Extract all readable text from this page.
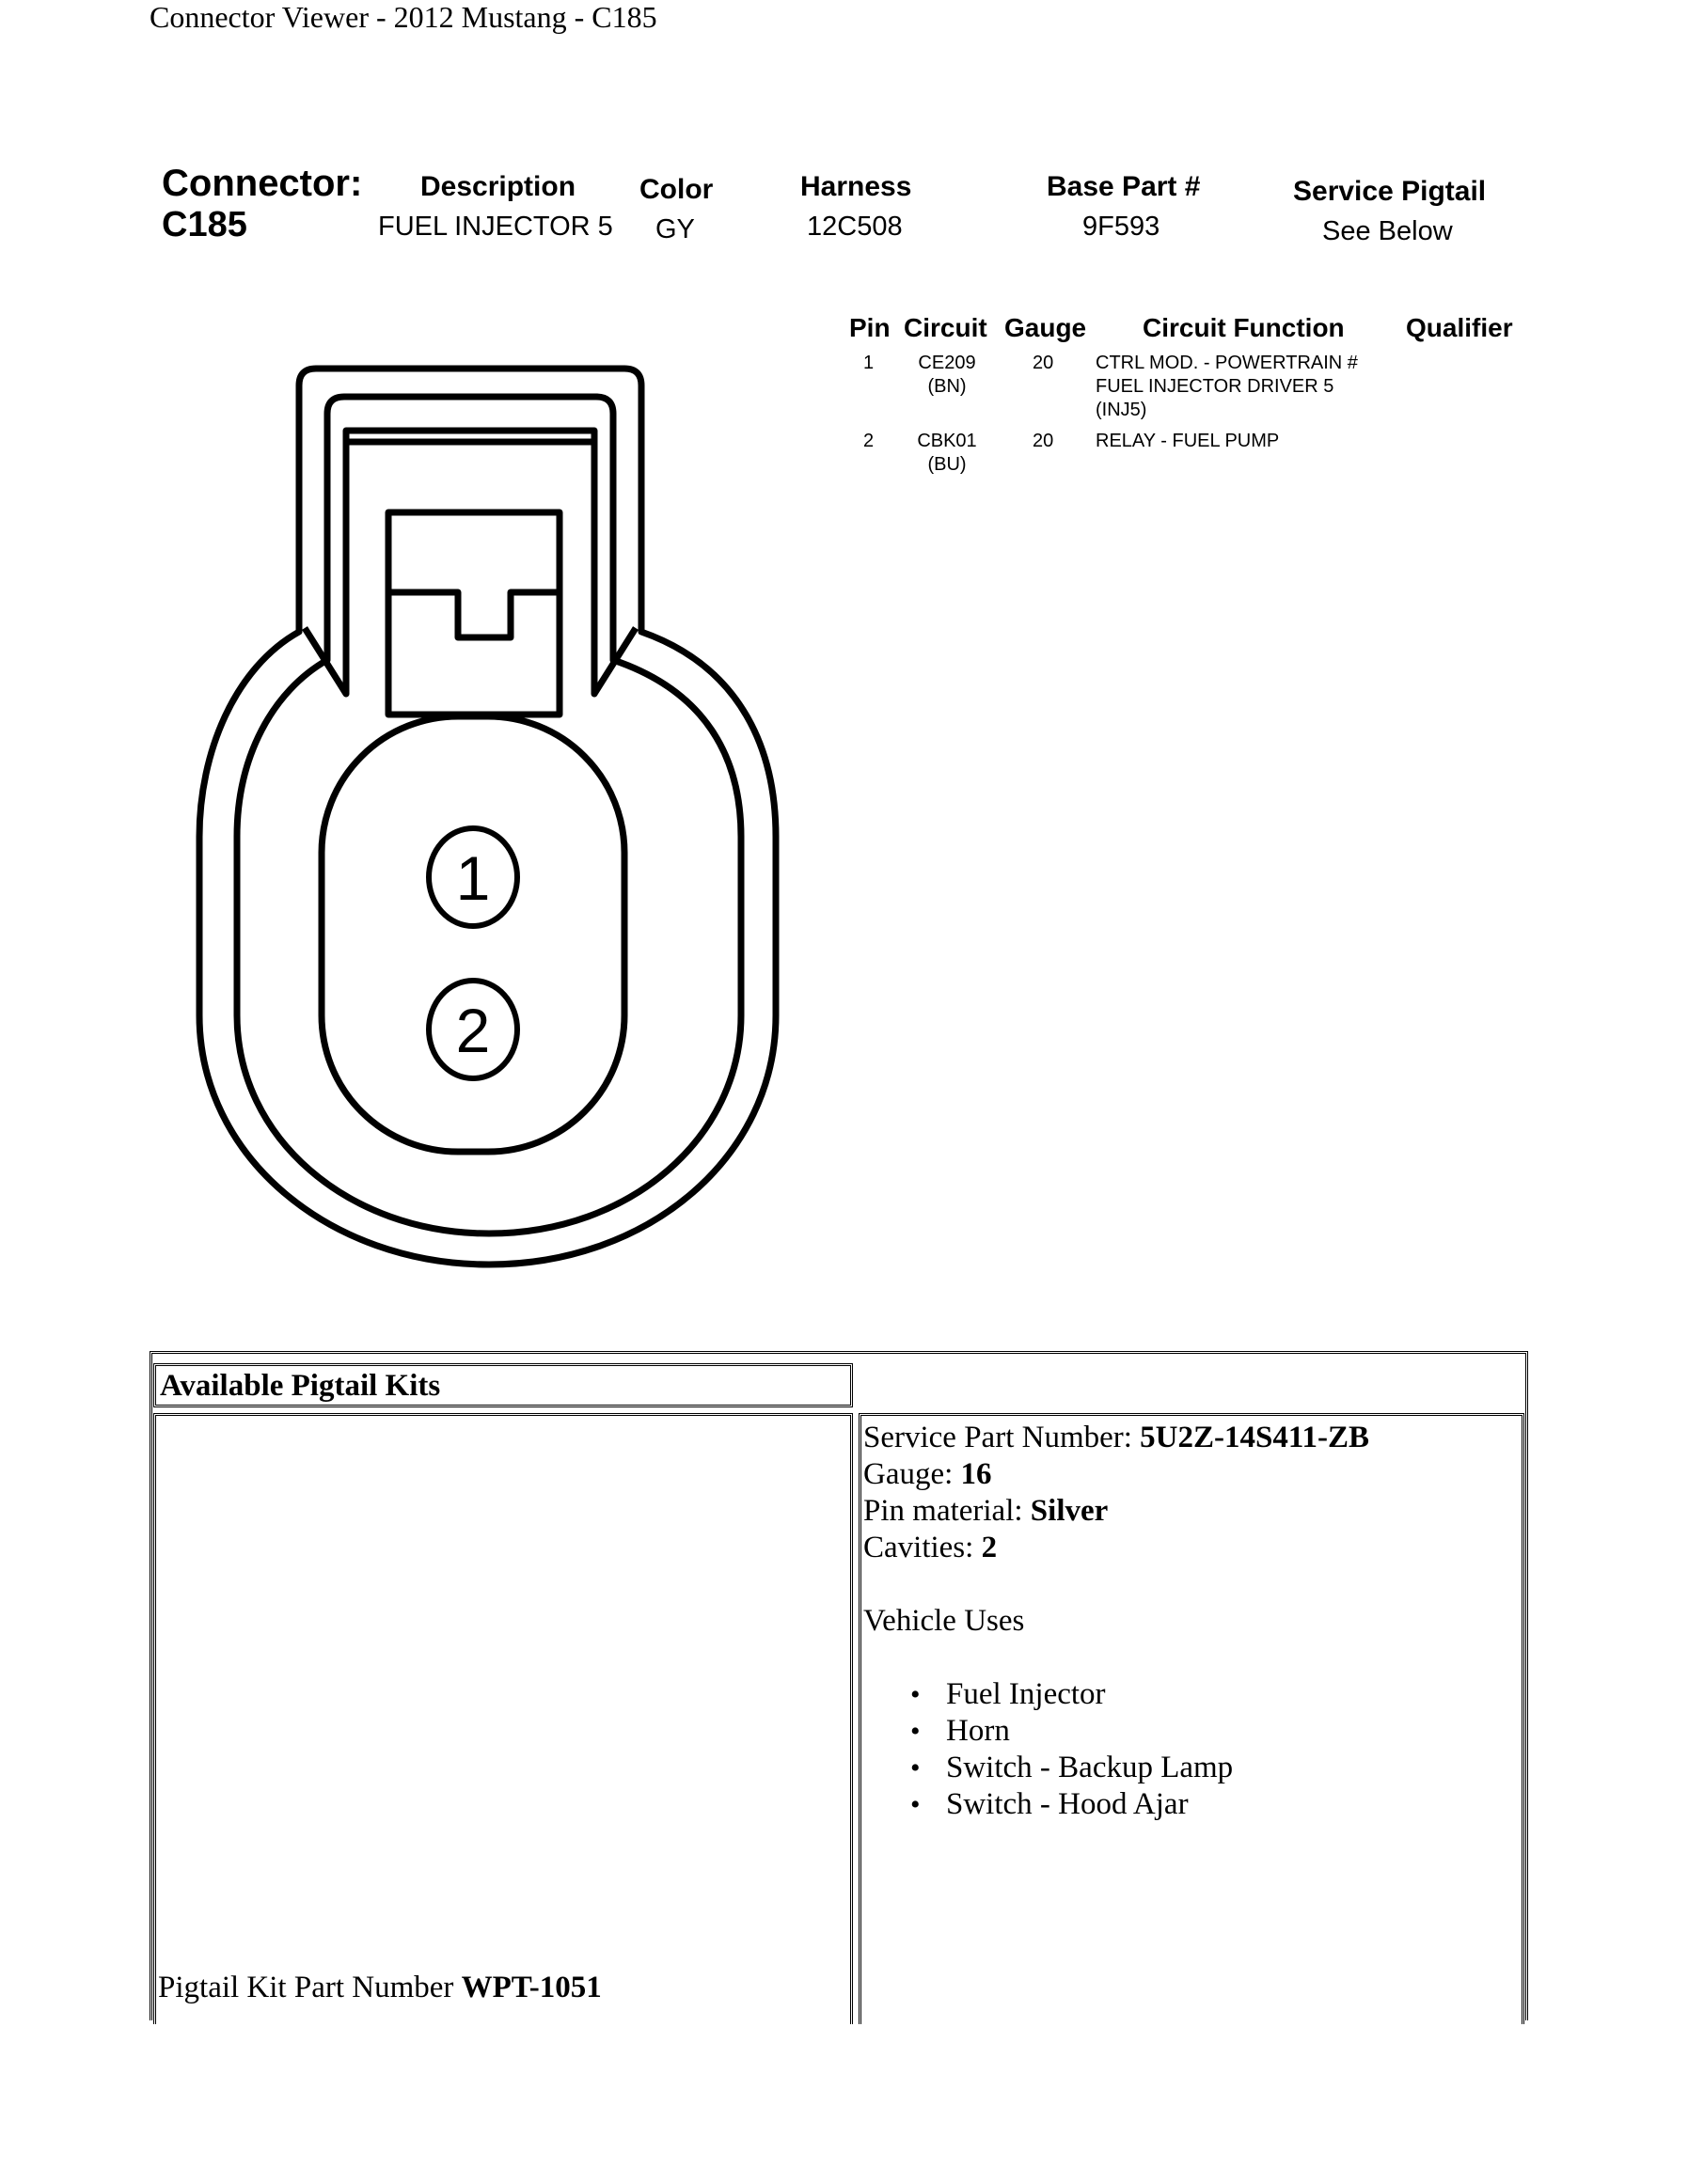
Connector Viewer - 2012 Mustang - C185
Connector:
C185
Description
FUEL INJECTOR 5
Color
GY
Harness
12C508
Base Part #
9F593
Service Pigtail
See Below
Pin Circuit Gauge Circuit Function Qualifier
1 CE209
(BN)
20 CTRL MOD. - POWERTRAIN #
FUEL INJECTOR DRIVER 5
(INJ5)
2 CBK01
(BU)
20 RELAY - FUEL PUMP
1
2
Available Pigtail Kits
Pigtail Kit Part Number WPT-1051
Service Part Number: 5U2Z-14S411-ZB
Gauge: 16
Pin material: Silver
Cavities: 2
Vehicle Uses
• Fuel Injector
• Horn
• Switch - Backup Lamp
• Switch - Hood Ajar
